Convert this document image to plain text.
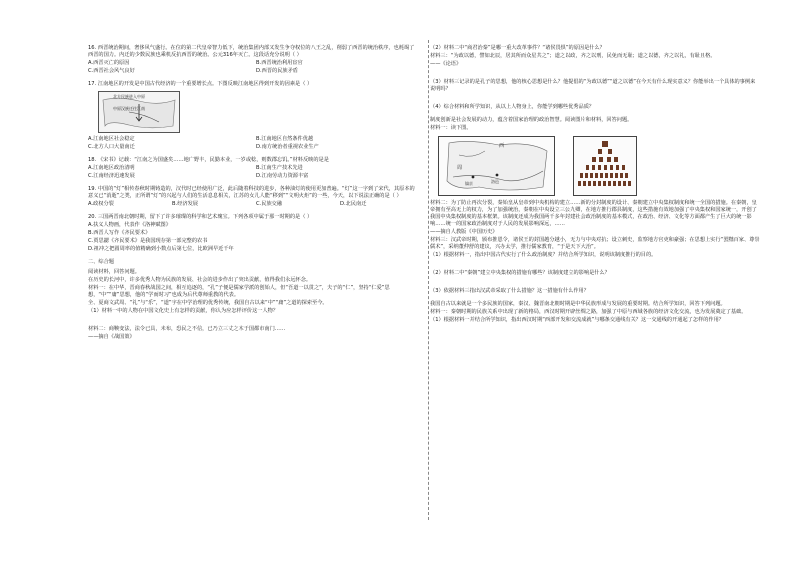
16. 西晋统治期间，奢侈风气盛行。在位的第二代皇帝智力低下，统治集团内部又发生争夺权位的八王之乱，削弱了西晋的统治秩序，也耗竭了西晋的国力。内迁的少数民族也乘机反抗西晋的统治。公元316年灭亡。这段话充分说明（ ）

A.西晋灭亡的原因	B.西晋统治利用宦官
C.西晋社会风气良好	D.西晋的民族矛盾

17. 江南地区的开发是中国古代经济的一个重要增长点。下图反映江南地区得到开发的因素是（ ）

北方民族进入中原
中原汉族迁往江南
A.江南地区社会稳定	B.江南地区自然条件优越
C.北方人口大量南迁	D.南方统治者重视农业生产

18. 《宋书》记载：“江南之为国盛矣……地广野丰，民勤本业，一岁或稔，则数郡忘饥。”材料反映的是是

A.江南地区政治清明	B.江南生产技术先进
C.江南经济迅速发展	D.江南劳动力资源丰富

19. 中国的“灯”相传春秋时期铸造的，汉代时已经使用广泛，此后随着科技的进步，各种油灯的使用更加普遍。“灯”这一字到了宋代，其原本的意义已“消逝”之类，正所谓“灯”的兴起与人们的生活息息相关，江苏的女儿人能“移到”“文明火炬”的一些，今天，以下说法正确的是（ ）

A.政权分裂	B.经济发展	C.民族交融	D.北民南迁

20. 三国两晋南北朝时期，留下了许多璀璨的科学和艺术瑰宝。下列各项中属于那一时期的是（ ）

A.扶义人物画，代表作《洛神赋图》

B.西晋人写作《齐民要术》

C.贾思勰《齐民要术》是我国现存第一部完整的农书

D.祖冲之把圆周率的值精确到小数点后第七位，比欧洲早近千年

二、综合题

阅读材料，回答问题。

在历史的长河中，许多优秀人物为民族的发展、社会的进步作出了突出贡献，值得我们永远怀念。

材料一：在中华，晋商春秋战国之间，相互追逐的，“孔”子便是儒家学派的创始人，但“吾道一以贯之”，夫子的“仁”，坚持“仁爱”思想，“中”“庸”思想，他的“学而时习”也成为后代尊师重教的代表。

全、夏商文武周、“礼”与“乐”，“道”字在中学治理的优秀传统，我国自古以来“中”“庸”之道的探索至今。

（1）材料一中的人物在中国文化史上有怎样的贡献，你认为应怎样评价这一人物？

材料二：商鞅变法，法令已具，未布，恐民之不信，已乃立三丈之木于国都市南门……

——摘自《战国策》

（2）材料二中“商君治秦”是哪一重大改革事件？“诸侯畏惧”的原因是什么？

材料三：“为政以德，譬如北辰，居其所而众星共之”；道之以政，齐之以刑，民免而无耻；道之以德，齐之以礼，有耻且格。

——《论语》

（3）材料三记录的是孔子的思想，他的核心思想是什么？他提倡的“为政以德”“道之以德”在今天有什么现实意义？你能举出一个具体的事例来说明吗？

（4）综合材料和所学知识，从以上人物身上，你能学到哪些优秀品质？

制度创新是社会发展的动力，蕴含着国家治理的政治智慧。阅读图片和材料，回答问题。

材料一：读下图。

西
周
镐京	洛邑

材料二：为了防止再次分裂，秦始皇从皇帝到中央机构的建立……新的分封制度的设计、秦朝建立中央集权制度和统一全国的措施。在秦朝，皇帝拥有至高无上的权力，为了加强统治，秦朝在中央设立三公九卿，在地方推行郡县制度，这些措施有效地加强了中央集权和国家统一，开创了我国中央集权制度的基本框架。该制度还成为我国两千多年封建社会政治制度的基本模式，在政治、经济、文化等方面都产生了巨大的统一影响……统一的国家政治制度对于人民的发展影响深远，……

——摘自人教版《中国历史》

材料三：汉武帝时期，颁布推恩令，诸侯王的封国越分越小，无力与中央对抗；设立刺史，监察地方官吏和豪强；在思想上实行“罢黜百家、尊崇儒术”，采纳董仲舒的建议，兴办太学，推行儒家教育，“于是天下大治”。

（1）根据材料一，指出中国古代实行了什么政治制度？并结合所学知识，说明该制度推行的目的。

（2）材料二中“秦朝”建立中央集权的措施有哪些？该制度建立的影响是什么？

（3）依据材料三指出汉武帝采取了什么措施？这一措施有什么作用？

我国自古以来就是一个多民族的国家，秦汉、魏晋南北朝时期是中华民族形成与发展的重要时期。结合所学知识，回答下列问题。

材料一：秦朝时期的民族关系中出现了新的格局，西汉时期开辟丝绸之路，加强了中原与西域各族的经济文化交流，也为发展奠定了基础。

（1）根据材料一并结合所学知识，指出西汉时期“西部开发和交流成就”与哪条交通线有关？这一交通线的开通起了怎样的作用？
